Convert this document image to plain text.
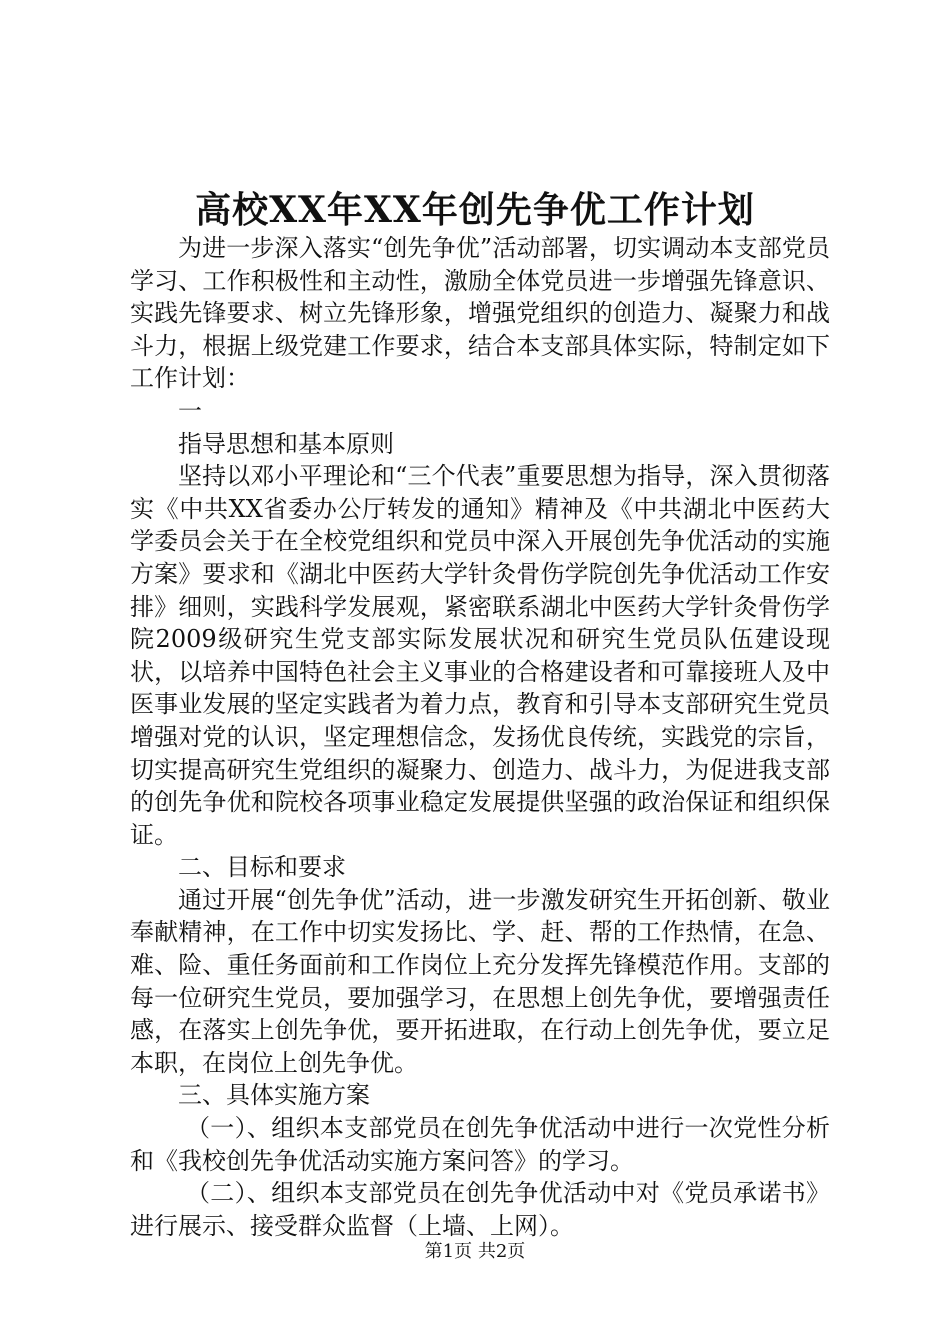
高校XX年XX年创先争优工作计划

为进一步深入落实“创先争优”活动部署，切实调动本支部党员学习、工作积极性和主动性，激励全体党员进一步增强先锋意识、实践先锋要求、树立先锋形象，增强党组织的创造力、凝聚力和战斗力，根据上级党建工作要求，结合本支部具体实际，特制定如下工作计划：

一

指导思想和基本原则

坚持以邓小平理论和“三个代表”重要思想为指导，深入贯彻落实《中共XX省委办公厅转发的通知》精神及《中共湖北中医药大学委员会关于在全校党组织和党员中深入开展创先争优活动的实施方案》要求和《湖北中医药大学针灸骨伤学院创先争优活动工作安排》细则，实践科学发展观，紧密联系湖北中医药大学针灸骨伤学院2009级研究生党支部实际发展状况和研究生党员队伍建设现状，以培养中国特色社会主义事业的合格建设者和可靠接班人及中医事业发展的坚定实践者为着力点，教育和引导本支部研究生党员增强对党的认识，坚定理想信念，发扬优良传统，实践党的宗旨，切实提高研究生党组织的凝聚力、创造力、战斗力，为促进我支部的创先争优和院校各项事业稳定发展提供坚强的政治保证和组织保证。

二、目标和要求

通过开展“创先争优”活动，进一步激发研究生开拓创新、敬业奉献精神，在工作中切实发扬比、学、赶、帮的工作热情，在急、难、险、重任务面前和工作岗位上充分发挥先锋模范作用。支部的每一位研究生党员，要加强学习，在思想上创先争优，要增强责任感，在落实上创先争优，要开拓进取，在行动上创先争优，要立足本职，在岗位上创先争优。

三、具体实施方案

（一）、组织本支部党员在创先争优活动中进行一次党性分析和《我校创先争优活动实施方案问答》的学习。

（二）、组织本支部党员在创先争优活动中对《党员承诺书》进行展示、接受群众监督（上墙、上网）。

第1页 共2页
